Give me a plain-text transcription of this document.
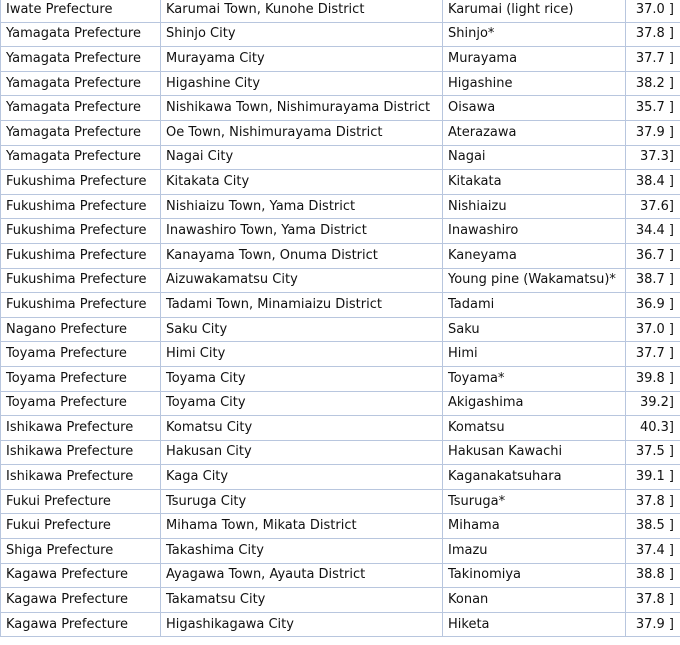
Iwate Prefecture	Karumai Town, Kunohe District	Karumai (light rice)	37.0 ]
Yamagata Prefecture	Shinjo City	Shinjo*	37.8 ]
Yamagata Prefecture	Murayama City	Murayama	37.7 ]
Yamagata Prefecture	Higashine City	Higashine	38.2 ]
Yamagata Prefecture	Nishikawa Town, Nishimurayama District	Oisawa	35.7 ]
Yamagata Prefecture	Oe Town, Nishimurayama District	Aterazawa	37.9 ]
Yamagata Prefecture	Nagai City	Nagai	37.3]
Fukushima Prefecture	Kitakata City	Kitakata	38.4 ]
Fukushima Prefecture	Nishiaizu Town, Yama District	Nishiaizu	37.6]
Fukushima Prefecture	Inawashiro Town, Yama District	Inawashiro	34.4 ]
Fukushima Prefecture	Kanayama Town, Onuma District	Kaneyama	36.7 ]
Fukushima Prefecture	Aizuwakamatsu City	Young pine (Wakamatsu)*	38.7 ]
Fukushima Prefecture	Tadami Town, Minamiaizu District	Tadami	36.9 ]
Nagano Prefecture	Saku City	Saku	37.0 ]
Toyama Prefecture	Himi City	Himi	37.7 ]
Toyama Prefecture	Toyama City	Toyama*	39.8 ]
Toyama Prefecture	Toyama City	Akigashima	39.2]
Ishikawa Prefecture	Komatsu City	Komatsu	40.3]
Ishikawa Prefecture	Hakusan City	Hakusan Kawachi	37.5 ]
Ishikawa Prefecture	Kaga City	Kaganakatsuhara	39.1 ]
Fukui Prefecture	Tsuruga City	Tsuruga*	37.8 ]
Fukui Prefecture	Mihama Town, Mikata District	Mihama	38.5 ]
Shiga Prefecture	Takashima City	Imazu	37.4 ]
Kagawa Prefecture	Ayagawa Town, Ayauta District	Takinomiya	38.8 ]
Kagawa Prefecture	Takamatsu City	Konan	37.8 ]
Kagawa Prefecture	Higashikagawa City	Hiketa	37.9 ]
